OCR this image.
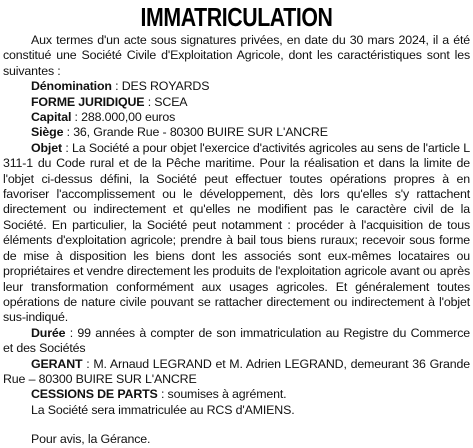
IMMATRICULATION

Aux termes d'un acte sous signatures privées, en date du 30 mars 2024, il a été constitué une Société Civile d'Exploitation Agricole, dont les caractéristiques sont les suivantes :

Dénomination : DES ROYARDS

FORME JURIDIQUE : SCEA

Capital : 288.000,00 euros

Siège : 36, Grande Rue - 80300 BUIRE SUR L'ANCRE

Objet : La Société a pour objet l'exercice d'activités agricoles au sens de l'article L 311-1 du Code rural et de la Pêche maritime. Pour la réalisation et dans la limite de l'objet ci-dessus défini, la Société peut effectuer toutes opérations propres à en favoriser l'accomplissement ou le développement, dès lors qu'elles s'y rattachent directement ou indirectement et qu'elles ne modifient pas le caractère civil de la Société. En particulier, la Société peut notamment : procéder à l'acquisition de tous éléments d'exploitation agricole; prendre à bail tous biens ruraux; recevoir sous forme de mise à disposition les biens dont les associés sont eux-mêmes locataires ou propriétaires et vendre directement les produits de l'exploitation agricole avant ou après leur transformation conformément aux usages agricoles. Et généralement toutes opérations de nature civile pouvant se rattacher directement ou indirectement à l'objet sus-indiqué.

Durée : 99 années à compter de son immatriculation au Registre du Commerce et des Sociétés

GERANT : M. Arnaud LEGRAND et M. Adrien LEGRAND, demeurant 36 Grande Rue – 80300 BUIRE SUR L'ANCRE

CESSIONS DE PARTS : soumises à agrément.

La Société sera immatriculée au RCS d'AMIENS.

Pour avis, la Gérance.
